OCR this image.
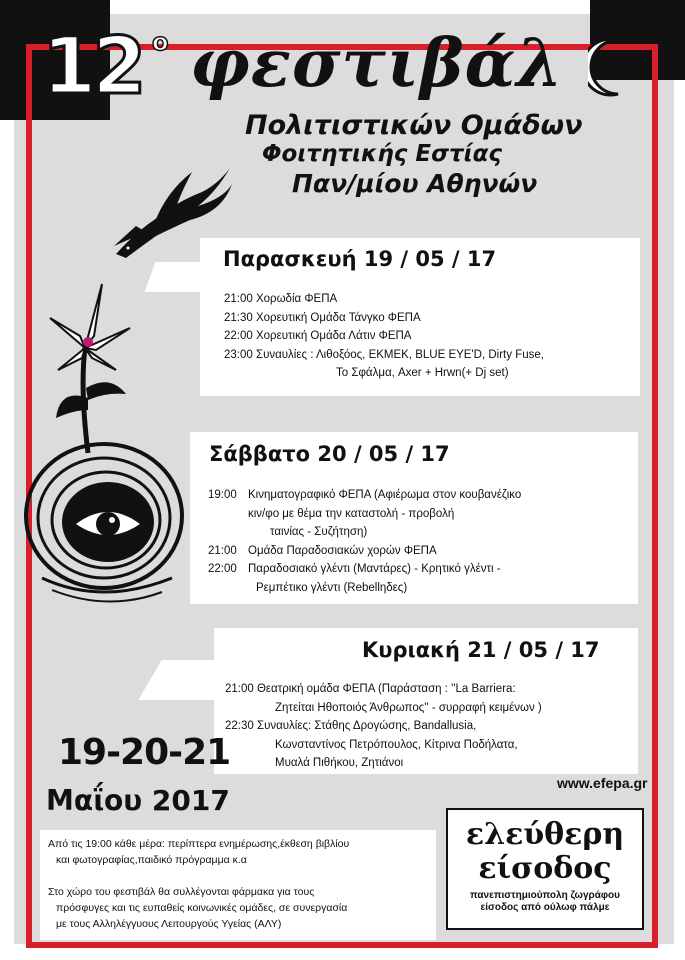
12 ο φεστιβάλ
Πολιτιστικών Ομάδων
Φοιτητικής Εστίας
Παν/μίου Αθηνών
Παρασκευή 19 / 05 / 17
21:00 Χορωδία ΦΕΠΑ
21:30 Χορευτική Ομάδα Τάνγκο ΦΕΠΑ
22:00 Χορευτική Ομάδα Λάτιν ΦΕΠΑ
23:00 Συναυλίες : Λιθοξόος, ΕΚΜΕΚ, BLUE EYE'D, Dirty Fuse,
Το Σφάλμα, Axer + Hrwn(+ Dj set)
Σάββατο 20 / 05 / 17
19:00 Κινηματογραφικό ΦΕΠΑ (Αφιέρωμα στον κουβανέζικο
κιν/φο με θέμα την καταστολή - προβολή
ταινίας - Συζήτηση)
21:00 Ομάδα Παραδοσιακών χορών ΦΕΠΑ
22:00 Παραδοσιακό γλέντι (Μαντάρες) - Κρητικό γλέντι -
Ρεμπέτικο γλέντι (Rebellηδες)
Κυριακή 21 / 05 / 17
21:00 Θεατρική ομάδα ΦΕΠΑ (Παράσταση : ''La Barriera:
Ζητείται Ηθοποιός Άνθρωπος'' - συρραφή κειμένων )
22:30 Συναυλίες: Στάθης Δρογώσης, Bandallusia,
Κωνσταντίνος Πετρόπουλος, Κίτρινα Ποδήλατα,
Μυαλά Πιθήκου, Ζητιάνοι
19-20-21
Μαΐου 2017
www.efepa.gr
Από τις 19:00 κάθε μέρα: περίπτερα ενημέρωσης,έκθεση βιβλίου
και φωτογραφίας,παιδικό πρόγραμμα κ.α
Στο χώρο του φεστιβάλ θα συλλέγονται φάρμακα για τους
πρόσφυγες και τις ευπαθείς κοινωνικές ομάδες, σε συνεργασία
με τους Αλληλέγγυους Λειτουργούς Υγείας (ΑΛΥ)
ελεύθερη
είσοδος
πανεπιστημιούπολη ζωγράφου
είσοδος από ούλωφ πάλμε
